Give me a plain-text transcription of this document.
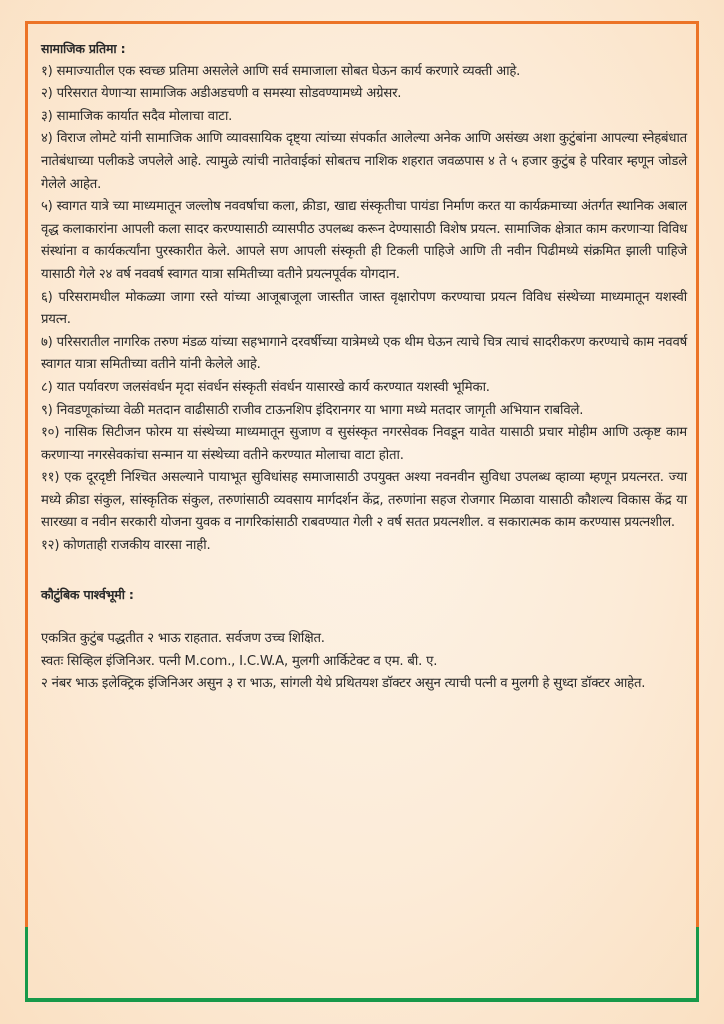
सामाजिक प्रतिमा :

१) समाज्यातील एक स्वच्छ प्रतिमा असलेले आणि सर्व समाजाला सोबत घेऊन कार्य करणारे व्यक्ती आहे.

२) परिसरात येणाऱ्या सामाजिक अडीअडचणी व समस्या सोडवण्यामध्ये अग्रेसर.

३) सामाजिक कार्यात सदैव मोलाचा वाटा.

४) विराज लोमटे यांनी सामाजिक आणि व्यावसायिक दृष्ट्या त्यांच्या संपर्कात आलेल्या अनेक आणि असंख्य अशा कुटुंबांना आपल्या स्नेहबंधात नातेबंधाच्या पलीकडे जपलेले आहे. त्यामुळे त्यांची नातेवाईकां सोबतच नाशिक शहरात जवळपास ४ ते ५ हजार कुटुंब हे परिवार म्हणून जोडले गेलेले आहेत.

५) स्वागत यात्रे च्या माध्यमातून जल्लोष नववर्षाचा कला, क्रीडा, खाद्य संस्कृतीचा पायंडा निर्माण करत या कार्यक्रमाच्या अंतर्गत स्थानिक अबाल वृद्ध कलाकारांना आपली कला सादर करण्यासाठी व्यासपीठ उपलब्ध करून देण्यासाठी विशेष प्रयत्न. सामाजिक क्षेत्रात काम करणाऱ्या विविध संस्थांना व कार्यकर्त्यांना पुरस्कारीत केले. आपले सण आपली संस्कृती ही टिकली पाहिजे आणि ती नवीन पिढीमध्ये संक्रमित झाली पाहिजे यासाठी गेले २४ वर्ष नववर्ष स्वागत यात्रा समितीच्या वतीने प्रयत्नपूर्वक योगदान.

६) परिसरामधील मोकळ्या जागा रस्ते यांच्या आजूबाजूला जास्तीत जास्त वृक्षारोपण करण्याचा प्रयत्न विविध संस्थेच्या माध्यमातून यशस्वी प्रयत्न.

७) परिसरातील नागरिक तरुण मंडळ यांच्या सहभागाने दरवर्षीच्या यात्रेमध्ये एक थीम घेऊन त्याचे चित्र त्याचं सादरीकरण करण्याचे काम नववर्ष स्वागत यात्रा समितीच्या वतीने यांनी केलेले आहे.

८) यात पर्यावरण जलसंवर्धन मृदा संवर्धन संस्कृती संवर्धन यासारखे कार्य करण्यात यशस्वी भूमिका.

९) निवडणूकांच्या वेळी मतदान वाढीसाठी राजीव टाऊनशिप इंदिरानगर या भागा मध्ये मतदार जागृती अभियान राबविले.

१०) नासिक सिटीजन फोरम या संस्थेच्या माध्यमातून सुजाण व सुसंस्कृत नगरसेवक निवडून यावेत यासाठी प्रचार मोहीम आणि उत्कृष्ट काम करणाऱ्या नगरसेवकांचा सन्मान या संस्थेच्या वतीने करण्यात मोलाचा वाटा होता.

११) एक दूरदृष्टी निश्चित असल्याने पायाभूत सुविधांसह समाजासाठी उपयुक्त अश्या नवनवीन सुविधा उपलब्ध व्हाव्या म्हणून प्रयत्नरत. ज्या मध्ये क्रीडा संकुल, सांस्कृतिक संकुल, तरुणांसाठी व्यवसाय मार्गदर्शन केंद्र, तरुणांना सहज रोजगार मिळावा यासाठी कौशल्य विकास केंद्र या सारख्या व नवीन सरकारी योजना युवक व नागरिकांसाठी राबवण्यात गेली २ वर्ष सतत प्रयत्नशील. व सकारात्मक काम करण्यास प्रयत्नशील.

१२) कोणताही राजकीय वारसा नाही.

कौटुंबिक पार्श्वभूमी :

एकत्रित कुटुंब पद्धतीत २ भाऊ राहतात. सर्वजण उच्च शिक्षित.

स्वतः सिव्हिल इंजिनिअर. पत्नी M.com., I.C.W.A, मुलगी आर्किटेक्ट व एम. बी. ए.

२ नंबर भाऊ इलेक्ट्रिक इंजिनिअर असुन ३ रा भाऊ, सांगली येथे प्रथितयश डॉक्टर असुन त्याची पत्नी व मुलगी हे सुध्दा डॉक्टर आहेत.
